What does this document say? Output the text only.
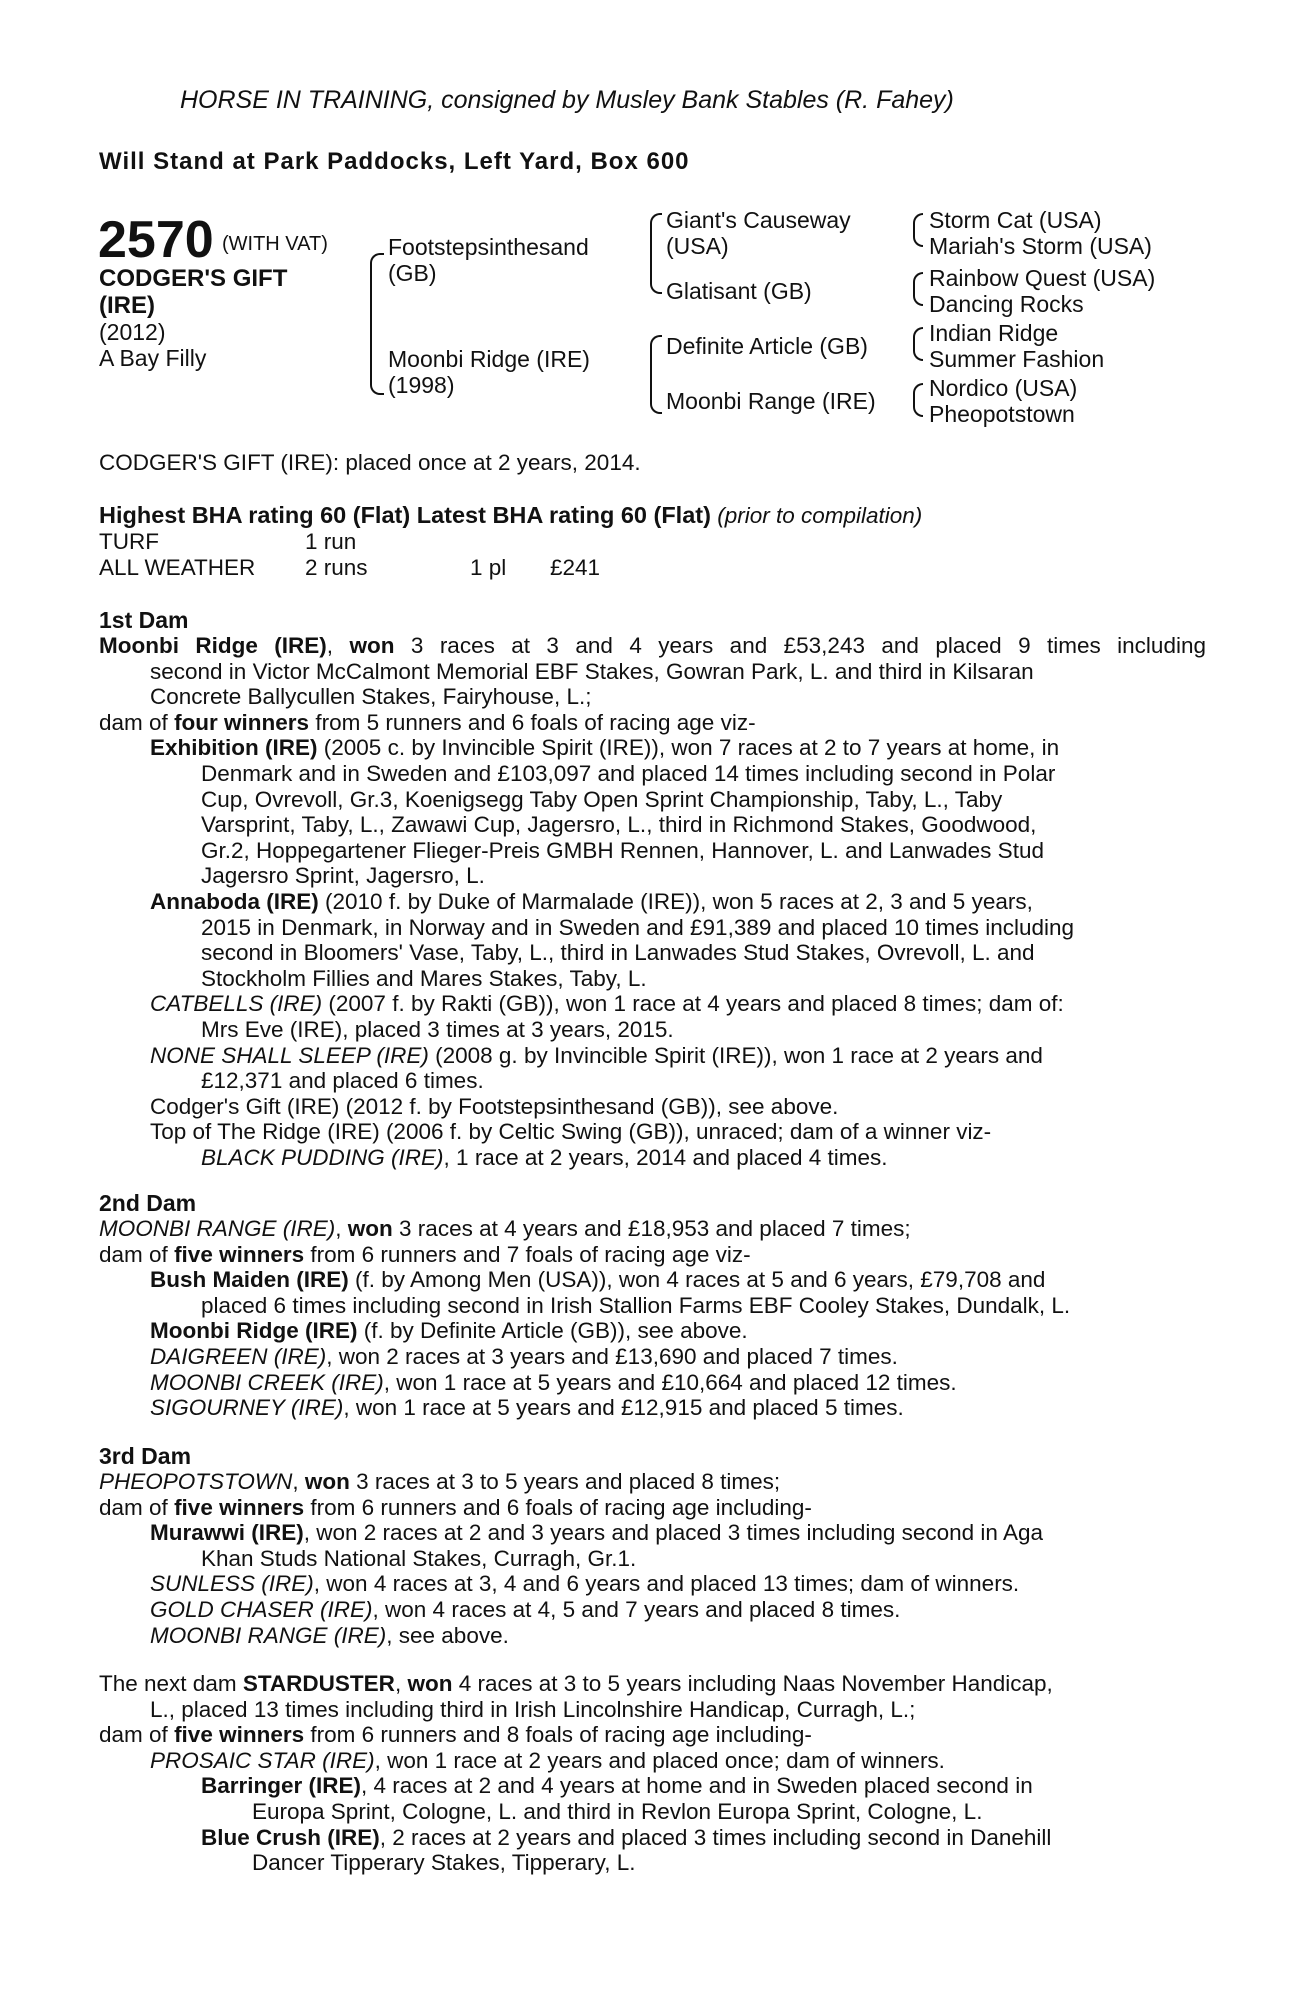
HORSE IN TRAINING, consigned by Musley Bank Stables (R. Fahey)
Will Stand at Park Paddocks, Left Yard, Box 600
2570 (WITH VAT)
CODGER'S GIFT
(IRE)
(2012)
A Bay Filly
Footstepsinthesand
(GB)
Moonbi Ridge (IRE)
(1998)
Giant's Causeway
(USA)
Glatisant (GB)
Definite Article (GB)
Moonbi Range (IRE)
Storm Cat (USA)
Mariah's Storm (USA)
Rainbow Quest (USA)
Dancing Rocks
Indian Ridge
Summer Fashion
Nordico (USA)
Pheopotstown
CODGER'S GIFT (IRE): placed once at 2 years, 2014.
Highest BHA rating 60 (Flat) Latest BHA rating 60 (Flat) (prior to compilation)
TURF	1 run
ALL WEATHER 2 runs	1 pl £241
1st Dam
Moonbi Ridge (IRE), won 3 races at 3 and 4 years and £53,243 and placed 9 times including
second in Victor McCalmont Memorial EBF Stakes, Gowran Park, L. and third in Kilsaran
Concrete Ballycullen Stakes, Fairyhouse, L.;
dam of four winners from 5 runners and 6 foals of racing age viz-
Exhibition (IRE) (2005 c. by Invincible Spirit (IRE)), won 7 races at 2 to 7 years at home, in
Denmark and in Sweden and £103,097 and placed 14 times including second in Polar
Cup, Ovrevoll, Gr.3, Koenigsegg Taby Open Sprint Championship, Taby, L., Taby
Varsprint, Taby, L., Zawawi Cup, Jagersro, L., third in Richmond Stakes, Goodwood,
Gr.2, Hoppegartener Flieger-Preis GMBH Rennen, Hannover, L. and Lanwades Stud
Jagersro Sprint, Jagersro, L.
Annaboda (IRE) (2010 f. by Duke of Marmalade (IRE)), won 5 races at 2, 3 and 5 years,
2015 in Denmark, in Norway and in Sweden and £91,389 and placed 10 times including
second in Bloomers' Vase, Taby, L., third in Lanwades Stud Stakes, Ovrevoll, L. and
Stockholm Fillies and Mares Stakes, Taby, L.
CATBELLS (IRE) (2007 f. by Rakti (GB)), won 1 race at 4 years and placed 8 times; dam of:
Mrs Eve (IRE), placed 3 times at 3 years, 2015.
NONE SHALL SLEEP (IRE) (2008 g. by Invincible Spirit (IRE)), won 1 race at 2 years and
£12,371 and placed 6 times.
Codger's Gift (IRE) (2012 f. by Footstepsinthesand (GB)), see above.
Top of The Ridge (IRE) (2006 f. by Celtic Swing (GB)), unraced; dam of a winner viz-
BLACK PUDDING (IRE), 1 race at 2 years, 2014 and placed 4 times.
2nd Dam
MOONBI RANGE (IRE), won 3 races at 4 years and £18,953 and placed 7 times;
dam of five winners from 6 runners and 7 foals of racing age viz-
Bush Maiden (IRE) (f. by Among Men (USA)), won 4 races at 5 and 6 years, £79,708 and
placed 6 times including second in Irish Stallion Farms EBF Cooley Stakes, Dundalk, L.
Moonbi Ridge (IRE) (f. by Definite Article (GB)), see above.
DAIGREEN (IRE), won 2 races at 3 years and £13,690 and placed 7 times.
MOONBI CREEK (IRE), won 1 race at 5 years and £10,664 and placed 12 times.
SIGOURNEY (IRE), won 1 race at 5 years and £12,915 and placed 5 times.
3rd Dam
PHEOPOTSTOWN, won 3 races at 3 to 5 years and placed 8 times;
dam of five winners from 6 runners and 6 foals of racing age including-
Murawwi (IRE), won 2 races at 2 and 3 years and placed 3 times including second in Aga
Khan Studs National Stakes, Curragh, Gr.1.
SUNLESS (IRE), won 4 races at 3, 4 and 6 years and placed 13 times; dam of winners.
GOLD CHASER (IRE), won 4 races at 4, 5 and 7 years and placed 8 times.
MOONBI RANGE (IRE), see above.
The next dam STARDUSTER, won 4 races at 3 to 5 years including Naas November Handicap,
L., placed 13 times including third in Irish Lincolnshire Handicap, Curragh, L.;
dam of five winners from 6 runners and 8 foals of racing age including-
PROSAIC STAR (IRE), won 1 race at 2 years and placed once; dam of winners.
Barringer (IRE), 4 races at 2 and 4 years at home and in Sweden placed second in
Europa Sprint, Cologne, L. and third in Revlon Europa Sprint, Cologne, L.
Blue Crush (IRE), 2 races at 2 years and placed 3 times including second in Danehill
Dancer Tipperary Stakes, Tipperary, L.
